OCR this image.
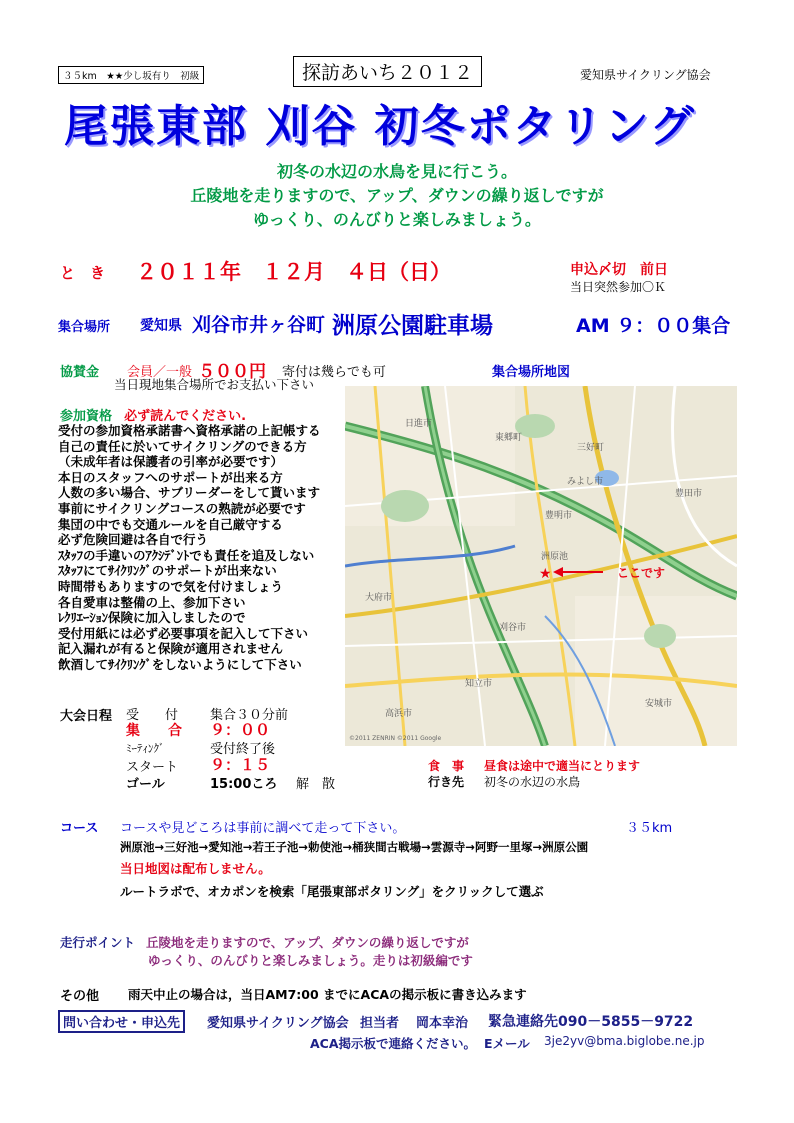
３５km　★★少し坂有り　初級	探訪あいち２０１２	愛知県サイクリング協会
尾張東部 刈谷 初冬ポタリング
初冬の水辺の水鳥を見に行こう。
丘陵地を走りますので、アップ、ダウンの繰り返しですが
ゆっくり、のんびりと楽しみましょう。
と　き ２０１１年　１２月　４日（日）	申込〆切　前日
当日突然参加〇Ｋ
集合場所 愛知県 刈谷市井ヶ谷町 洲原公園駐車場	AM ９：００集合
協賛金 会員／一般 ５００円 寄付は幾らでも可
当日現地集合場所でお支払い下さい
集合場所地図
参加資格 必ず読んでください.
受付の参加資格承諾書へ資格承諾の上記帳する
自己の責任に於いてサイクリングのできる方
（未成年者は保護者の引率が必要です）
本日のスタッフへのサポートが出来る方
人数の多い場合、サブリーダーをして貰います
事前にサイクリングコースの熟読が必要です
集団の中でも交通ルールを自己厳守する
必ず危険回避は各自で行う
ｽﾀｯﾌの手違いのｱｸｼﾃﾞﾝﾄでも責任を追及しない
ｽﾀｯﾌにてｻｲｸﾘﾝｸﾞのサポートが出来ない
時間帯もありますので気を付けましょう
各自愛車は整備の上、参加下さい
ﾚｸﾘｴｰｼｮﾝ保険に加入しましたので
受付用紙には必ず必要事項を記入して下さい
記入漏れが有ると保険が適用されません
飲酒してｻｲｸﾘﾝｸﾞをしないようにして下さい
豊明市
みよし市
刈谷市
三好町
東郷町
日進市
大府市
知立市
高浜市
安城市
豊田市
洲原池
★	ここです
©2011 ZENRIN ©2011 Google
大会日程 受　　付 集合３０分前
集　　合 ９：００
ﾐｰﾃｨﾝｸﾞ	受付終了後
スタート ９：１５
ゴール	15:00ころ 解　散
食　事 昼食は途中で適当にとります
行き先 初冬の水辺の水鳥
コース コースや見どころは事前に調べて走って下さい。	３５km
洲原池→三好池→愛知池→若王子池→勅使池→桶狭間古戦場→雲源寺→阿野一里塚→洲原公園
当日地図は配布しません。
ルートラボで、オカポンを検索「尾張東部ポタリング」をクリックして選ぶ
走行ポイント 丘陵地を走りますので、アップ、ダウンの繰り返しですが
ゆっくり、のんびりと楽しみましょう。走りは初級編です
その他 雨天中止の場合は，当日AM7:00 までにACAの掲示板に書き込みます
問い合わせ・申込先	愛知県サイクリング協会 担当者 岡本幸治 緊急連絡先090－5855－9722
ACA掲示板で連絡ください。 Eメール 3je2yv@bma.biglobe.ne.jp
